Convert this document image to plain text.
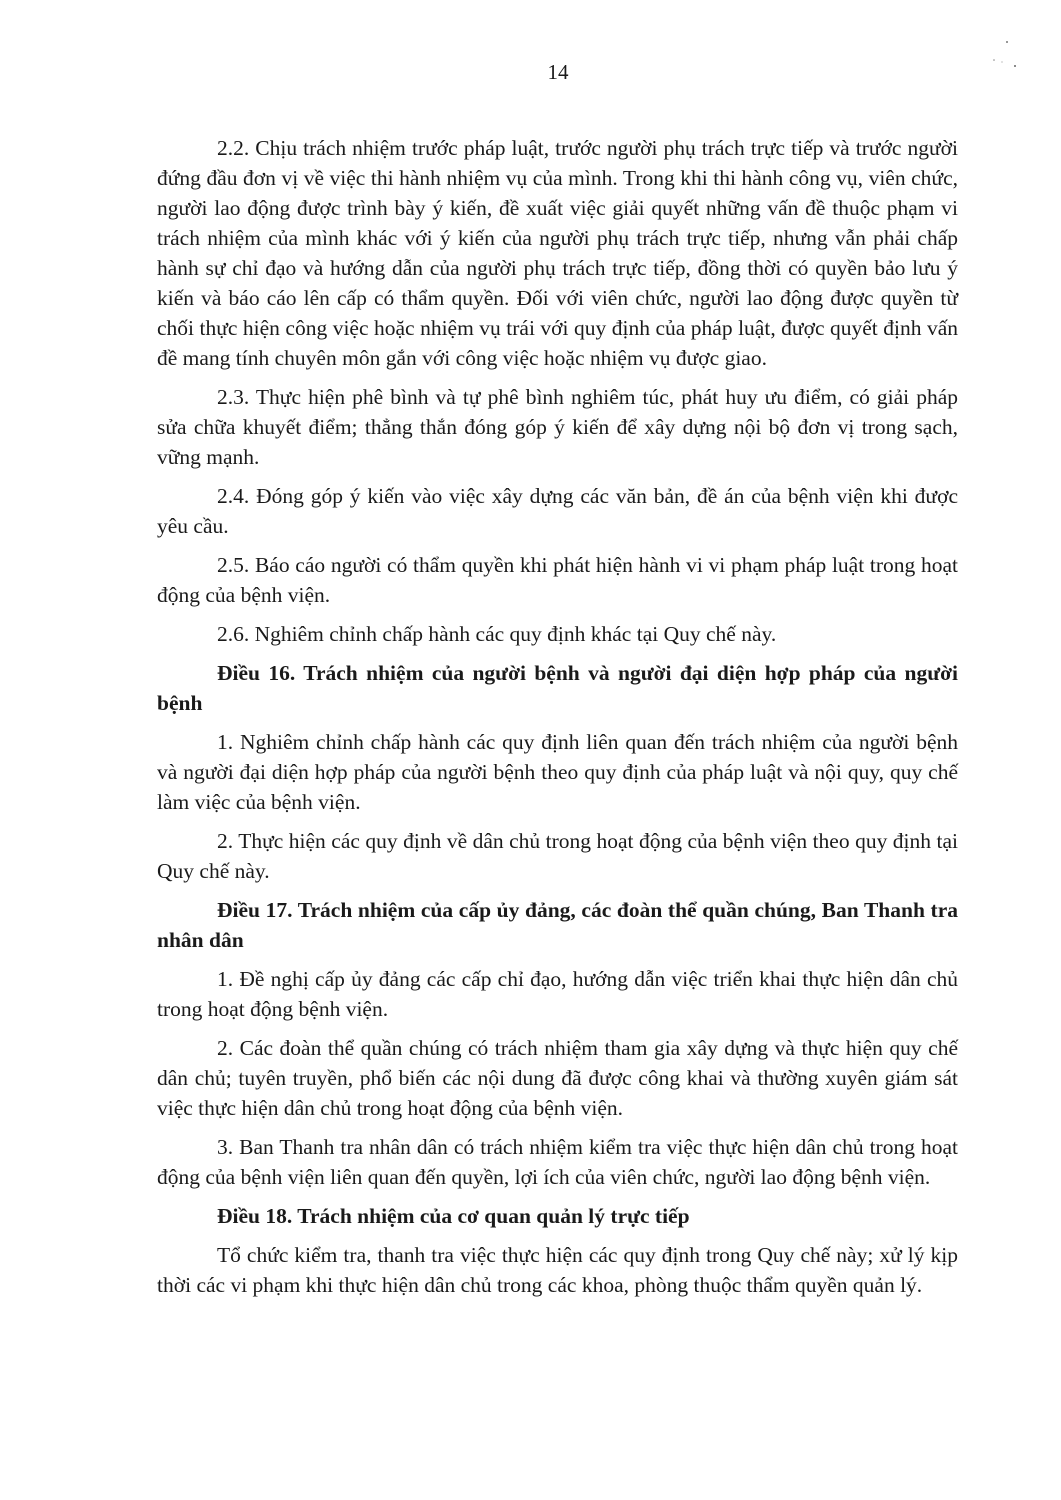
14

2.2. Chịu trách nhiệm trước pháp luật, trước người phụ trách trực tiếp và trước người đứng đầu đơn vị về việc thi hành nhiệm vụ của mình. Trong khi thi hành công vụ, viên chức, người lao động được trình bày ý kiến, đề xuất việc giải quyết những vấn đề thuộc phạm vi trách nhiệm của mình khác với ý kiến của người phụ trách trực tiếp, nhưng vẫn phải chấp hành sự chỉ đạo và hướng dẫn của người phụ trách trực tiếp, đồng thời có quyền bảo lưu ý kiến và báo cáo lên cấp có thẩm quyền. Đối với viên chức, người lao động được quyền từ chối thực hiện công việc hoặc nhiệm vụ trái với quy định của pháp luật, được quyết định vấn đề mang tính chuyên môn gắn với công việc hoặc nhiệm vụ được giao.

2.3. Thực hiện phê bình và tự phê bình nghiêm túc, phát huy ưu điểm, có giải pháp sửa chữa khuyết điểm; thẳng thắn đóng góp ý kiến để xây dựng nội bộ đơn vị trong sạch, vững mạnh.

2.4. Đóng góp ý kiến vào việc xây dựng các văn bản, đề án của bệnh viện khi được yêu cầu.

2.5. Báo cáo người có thẩm quyền khi phát hiện hành vi vi phạm pháp luật trong hoạt động của bệnh viện.

2.6. Nghiêm chỉnh chấp hành các quy định khác tại Quy chế này.

Điều 16. Trách nhiệm của người bệnh và người đại diện hợp pháp của người bệnh

1. Nghiêm chỉnh chấp hành các quy định liên quan đến trách nhiệm của người bệnh và người đại diện hợp pháp của người bệnh theo quy định của pháp luật và nội quy, quy chế làm việc của bệnh viện.

2. Thực hiện các quy định về dân chủ trong hoạt động của bệnh viện theo quy định tại Quy chế này.

Điều 17. Trách nhiệm của cấp ủy đảng, các đoàn thể quần chúng, Ban Thanh tra nhân dân

1. Đề nghị cấp ủy đảng các cấp chỉ đạo, hướng dẫn việc triển khai thực hiện dân chủ trong hoạt động bệnh viện.

2. Các đoàn thể quần chúng có trách nhiệm tham gia xây dựng và thực hiện quy chế dân chủ; tuyên truyền, phổ biến các nội dung đã được công khai và thường xuyên giám sát việc thực hiện dân chủ trong hoạt động của bệnh viện.

3. Ban Thanh tra nhân dân có trách nhiệm kiểm tra việc thực hiện dân chủ trong hoạt động của bệnh viện liên quan đến quyền, lợi ích của viên chức, người lao động bệnh viện.

Điều 18. Trách nhiệm của cơ quan quản lý trực tiếp

Tổ chức kiểm tra, thanh tra việc thực hiện các quy định trong Quy chế này; xử lý kịp thời các vi phạm khi thực hiện dân chủ trong các khoa, phòng thuộc thẩm quyền quản lý.
